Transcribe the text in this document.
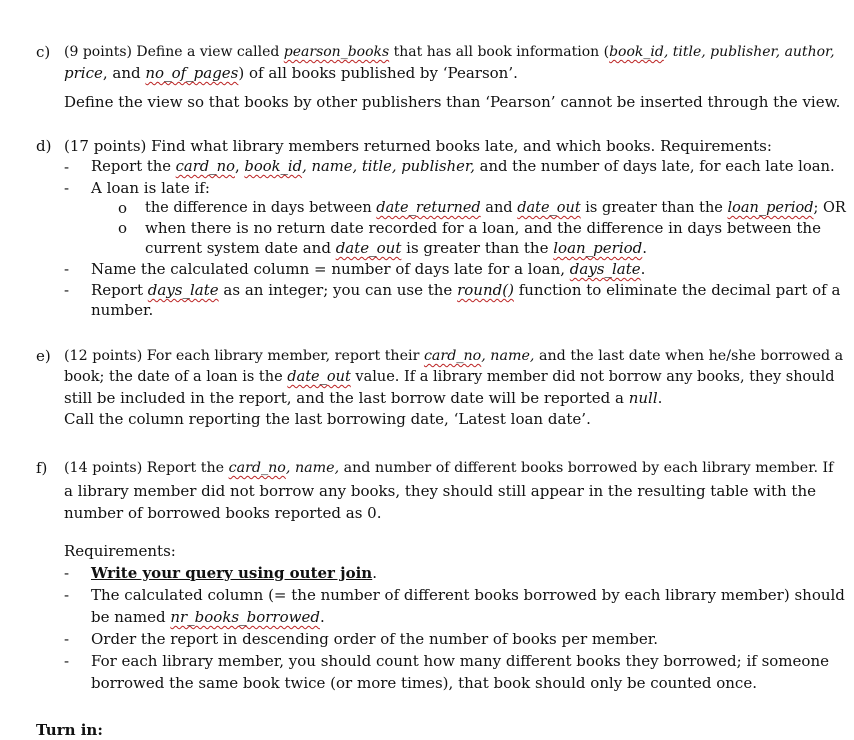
c) (9 points) Define a view called pearson_books that has all book information (book_id, title, publisher, author,
price, and no_of_pages) of all books published by ‘Pearson’.
Define the view so that books by other publishers than ‘Pearson’ cannot be inserted through the view.
d) (17 points) Find what library members returned books late, and which books. Requirements:
- Report the card_no, book_id, name, title, publisher, and the number of days late, for each late loan.
- A loan is late if:
o the difference in days between date_returned and date_out is greater than the loan_period; OR
o when there is no return date recorded for a loan, and the difference in days between the
current system date and date_out is greater than the loan_period.
- Name the calculated column = number of days late for a loan, days_late.
- Report days_late as an integer; you can use the round() function to eliminate the decimal part of a
number.
e) (12 points) For each library member, report their card_no, name, and the last date when he/she borrowed a
book; the date of a loan is the date_out value. If a library member did not borrow any books, they should
still be included in the report, and the last borrow date will be reported a null.
Call the column reporting the last borrowing date, ‘Latest loan date’.
f) (14 points) Report the card_no, name, and number of different books borrowed by each library member. If
a library member did not borrow any books, they should still appear in the resulting table with the
number of borrowed books reported as 0.
Requirements:
- Write your query using outer join.
- The calculated column (= the number of different books borrowed by each library member) should
be named nr_books_borrowed.
- Order the report in descending order of the number of books per member.
- For each library member, you should count how many different books they borrowed; if someone
borrowed the same book twice (or more times), that book should only be counted once.
Turn in:
